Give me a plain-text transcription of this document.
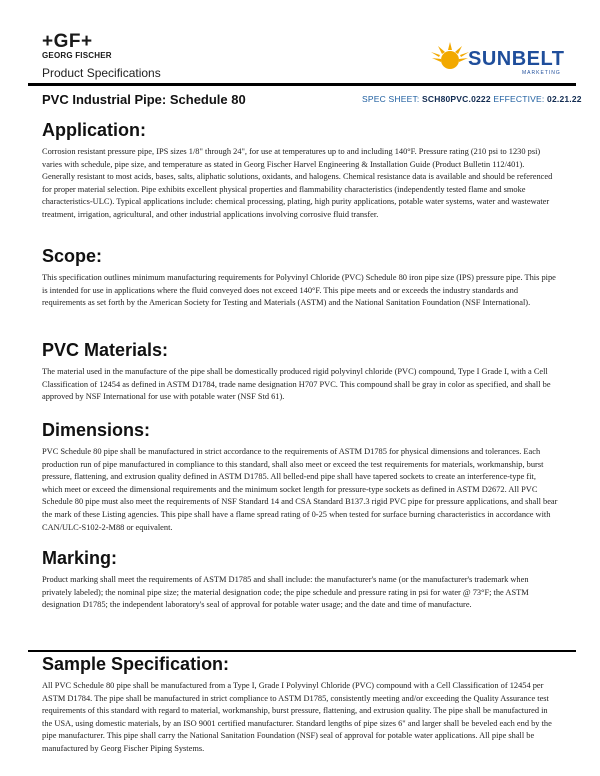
+GF+
GEORG FISCHER
Product Specifications
SUNBELT
MARKETING
PVC Industrial Pipe: Schedule 80	SPEC SHEET: SCH80PVC.0222 EFFECTIVE: 02.21.22
Application:

Corrosion resistant pressure pipe, IPS sizes 1/8" through 24", for use at temperatures up to and including 140°F. Pressure rating (210 psi to 1230 psi) varies with schedule, pipe size, and temperature as stated in Georg Fischer Harvel Engineering & Installation Guide (Product Bulletin 112/401). Generally resistant to most acids, bases, salts, aliphatic solutions, oxidants, and halogens. Chemical resistance data is available and should be referenced for proper material selection. Pipe exhibits excellent physical properties and flammability characteristics (independently tested flame and smoke characteristics-ULC). Typical applications include: chemical processing, plating, high purity applications, potable water systems, water and wastewater treatment, irrigation, agricultural, and other industrial applications involving corrosive fluid transfer.

Scope:

This specification outlines minimum manufacturing requirements for Polyvinyl Chloride (PVC) Schedule 80 iron pipe size (IPS) pressure pipe. This pipe is intended for use in applications where the fluid conveyed does not exceed 140°F. This pipe meets and or exceeds the industry standards and requirements as set forth by the American Society for Testing and Materials (ASTM) and the National Sanitation Foundation (NSF International).

PVC Materials:

The material used in the manufacture of the pipe shall be domestically produced rigid polyvinyl chloride (PVC) compound, Type I Grade I, with a Cell Classification of 12454 as defined in ASTM D1784, trade name designation H707 PVC. This compound shall be gray in color as specified, and shall be approved by NSF International for use with potable water (NSF Std 61).

Dimensions:

PVC Schedule 80 pipe shall be manufactured in strict accordance to the requirements of ASTM D1785 for physical dimensions and tolerances. Each production run of pipe manufactured in compliance to this standard, shall also meet or exceed the test requirements for materials, workmanship, burst pressure, flattening, and extrusion quality defined in ASTM D1785. All belled-end pipe shall have tapered sockets to create an interference-type fit, which meet or exceed the dimensional requirements and the minimum socket length for pressure-type sockets as defined in ASTM D2672. All PVC Schedule 80 pipe must also meet the requirements of NSF Standard 14 and CSA Standard B137.3 rigid PVC pipe for pressure applications, and shall bear the mark of these Listing agencies. This pipe shall have a flame spread rating of 0-25 when tested for surface burning characteristics in accordance with CAN/ULC-S102-2-M88 or equivalent.

Marking:

Product marking shall meet the requirements of ASTM D1785 and shall include: the manufacturer's name (or the manufacturer's trademark when privately labeled); the nominal pipe size; the material designation code; the pipe schedule and pressure rating in psi for water @ 73°F; the ASTM designation D1785; the independent laboratory's seal of approval for potable water usage; and the date and time of manufacture.

Sample Specification:

All PVC Schedule 80 pipe shall be manufactured from a Type I, Grade I Polyvinyl Chloride (PVC) compound with a Cell Classification of 12454 per ASTM D1784. The pipe shall be manufactured in strict compliance to ASTM D1785, consistently meeting and/or exceeding the Quality Assurance test requirements of this standard with regard to material, workmanship, burst pressure, flattening, and extrusion quality. The pipe shall be manufactured in the USA, using domestic materials, by an ISO 9001 certified manufacturer. Standard lengths of pipe sizes 6" and larger shall be beveled each end by the pipe manufacturer. This pipe shall carry the National Sanitation Foundation (NSF) seal of approval for potable water applications. All pipe shall be manufactured by Georg Fischer Piping Systems.
